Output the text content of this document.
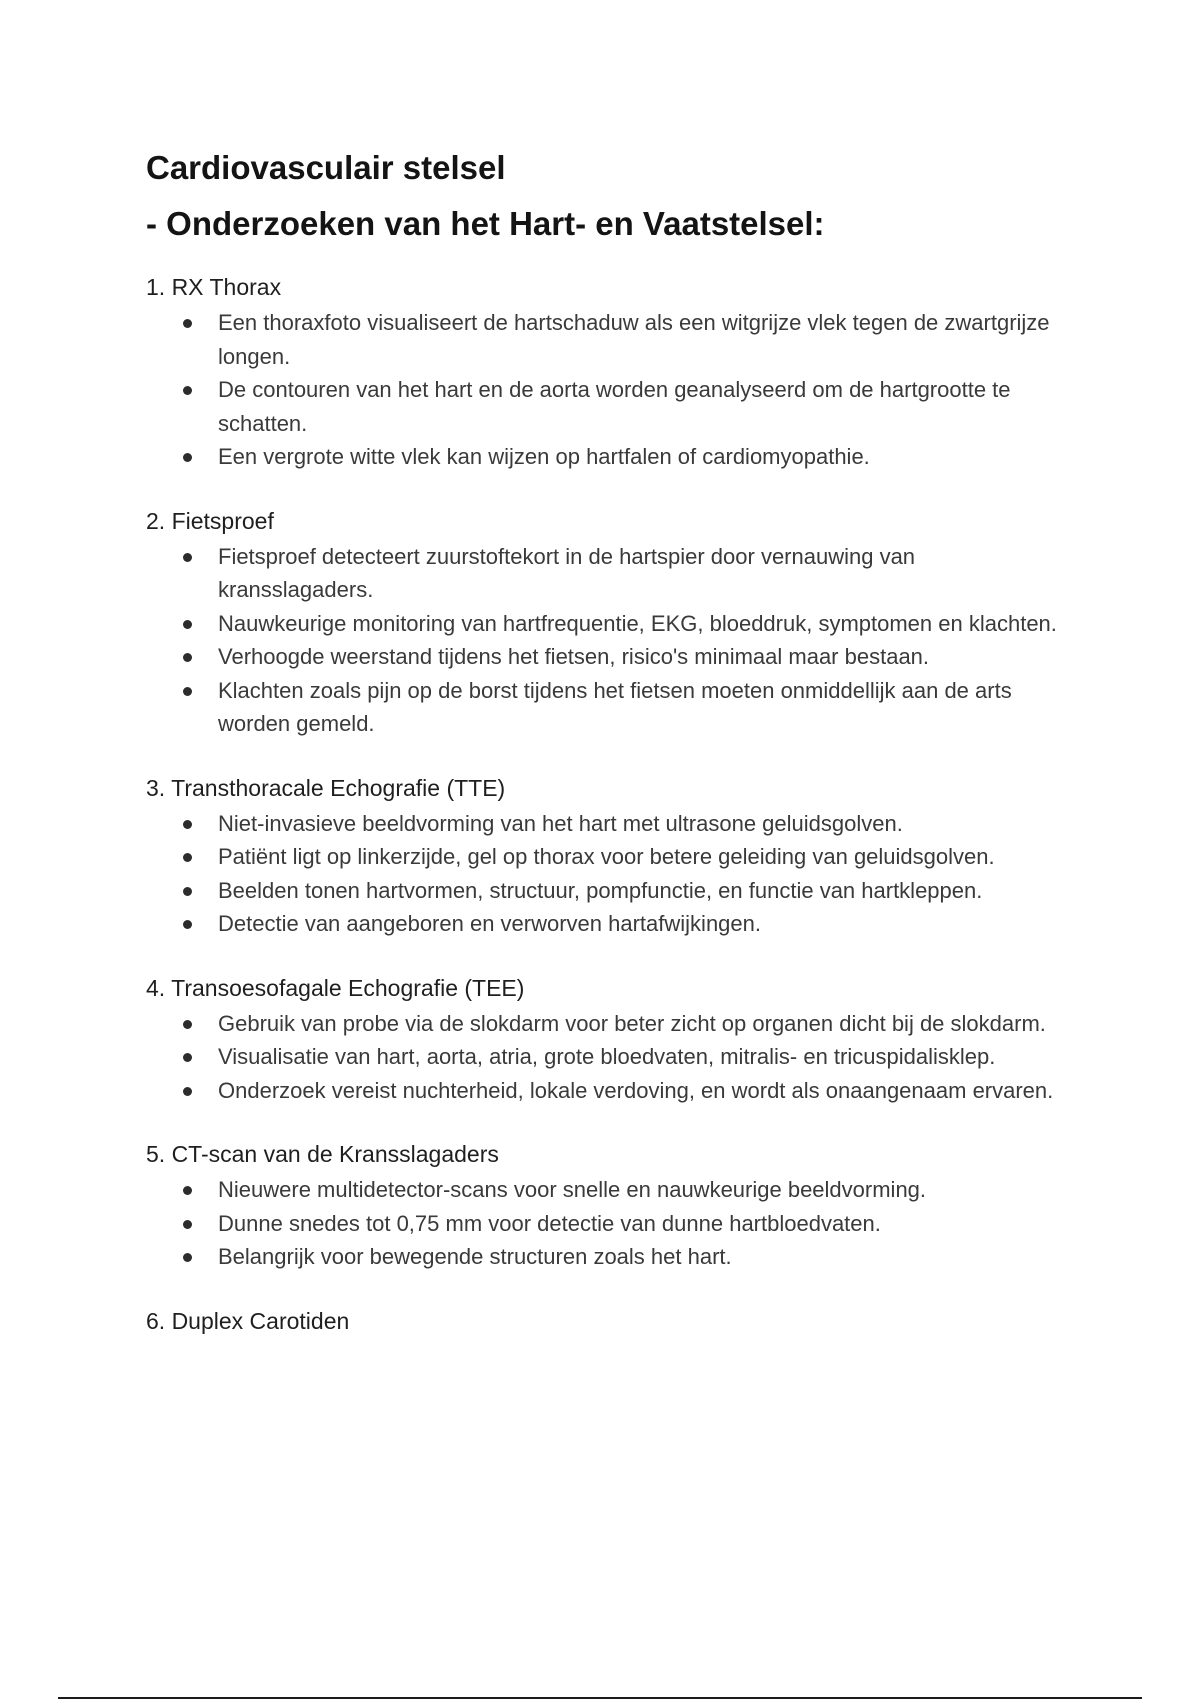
Cardiovasculair stelsel
- Onderzoeken van het Hart- en Vaatstelsel:
1. RX Thorax
Een thoraxfoto visualiseert de hartschaduw als een witgrijze vlek tegen de zwartgrijze longen.
De contouren van het hart en de aorta worden geanalyseerd om de hartgrootte te schatten.
Een vergrote witte vlek kan wijzen op hartfalen of cardiomyopathie.
2. Fietsproef
Fietsproef detecteert zuurstoftekort in de hartspier door vernauwing van kransslagaders.
Nauwkeurige monitoring van hartfrequentie, EKG, bloeddruk, symptomen en klachten.
Verhoogde weerstand tijdens het fietsen, risico's minimaal maar bestaan.
Klachten zoals pijn op de borst tijdens het fietsen moeten onmiddellijk aan de arts worden gemeld.
3. Transthoracale Echografie (TTE)
Niet-invasieve beeldvorming van het hart met ultrasone geluidsgolven.
Patiënt ligt op linkerzijde, gel op thorax voor betere geleiding van geluidsgolven.
Beelden tonen hartvormen, structuur, pompfunctie, en functie van hartkleppen.
Detectie van aangeboren en verworven hartafwijkingen.
4. Transoesofagale Echografie (TEE)
Gebruik van probe via de slokdarm voor beter zicht op organen dicht bij de slokdarm.
Visualisatie van hart, aorta, atria, grote bloedvaten, mitralis- en tricuspidalisklep.
Onderzoek vereist nuchterheid, lokale verdoving, en wordt als onaangenaam ervaren.
5. CT-scan van de Kransslagaders
Nieuwere multidetector-scans voor snelle en nauwkeurige beeldvorming.
Dunne snedes tot 0,75 mm voor detectie van dunne hartbloedvaten.
Belangrijk voor bewegende structuren zoals het hart.
6. Duplex Carotiden
